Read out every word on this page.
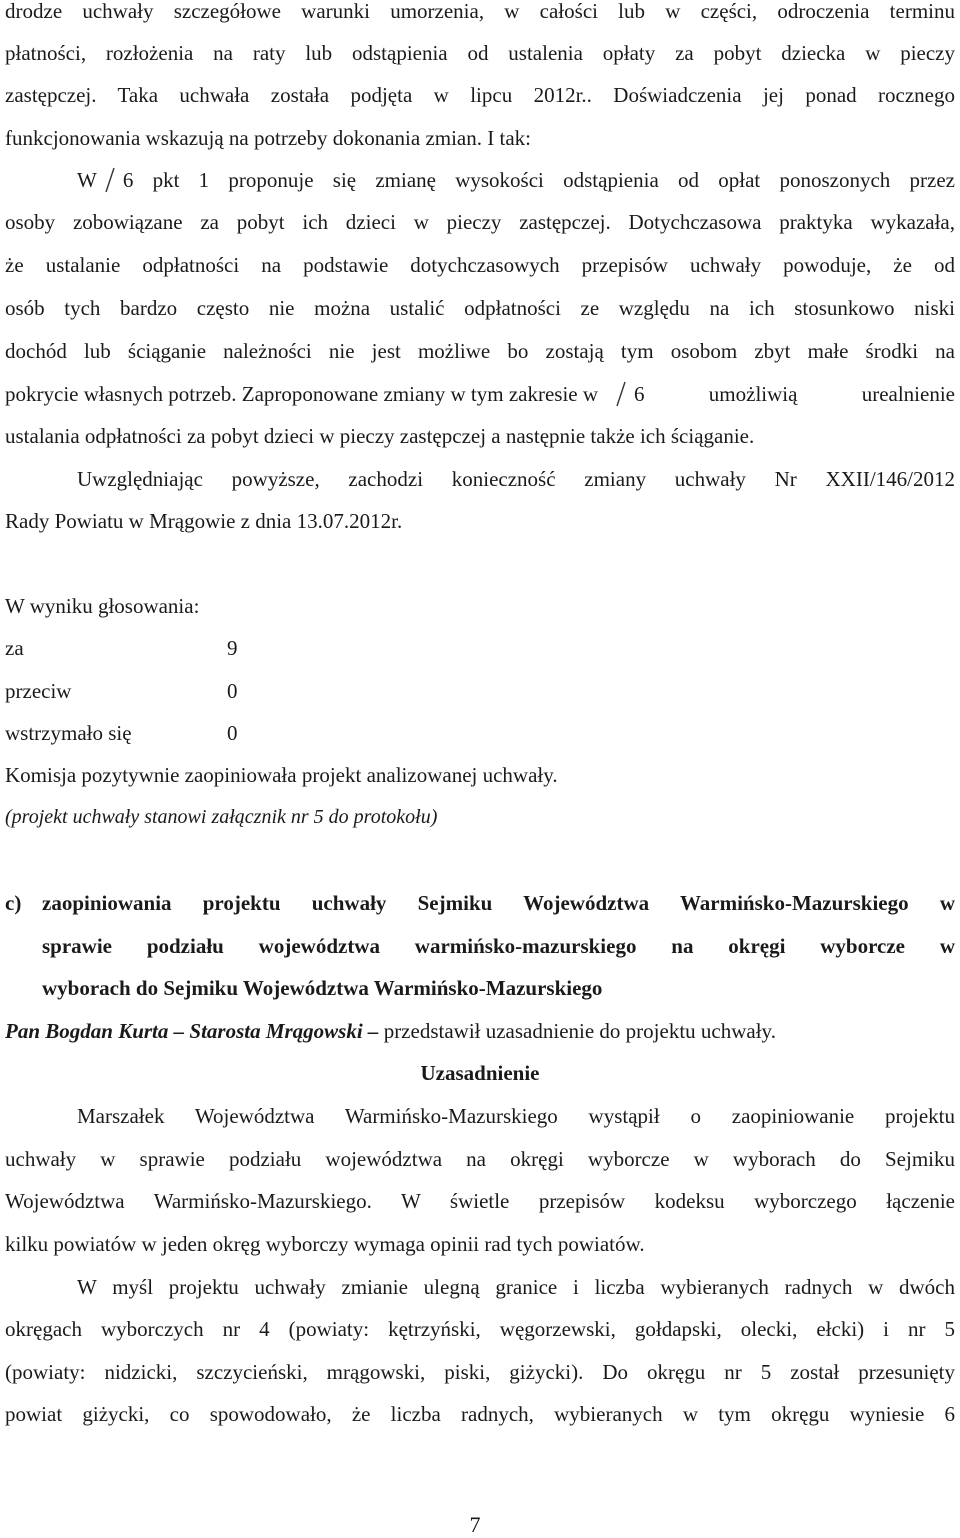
drodze uchwały szczegółowe warunki umorzenia, w całości lub w części, odroczenia terminu
płatności, rozłożenia na raty lub odstąpienia od ustalenia opłaty za pobyt dziecka w pieczy
zastępczej. Taka uchwała została podjęta w lipcu 2012r.. Doświadczenia jej ponad rocznego
funkcjonowania wskazują na potrzeby dokonania zmian. I tak:
W 6 pkt 1 proponuje się zmianę wysokości odstąpienia od opłat ponoszonych przez
osoby zobowiązane za pobyt ich dzieci w pieczy zastępczej. Dotychczasowa praktyka wykazała,
że ustalanie odpłatności na podstawie dotychczasowych przepisów uchwały powoduje, że od
osób tych bardzo często nie można ustalić odpłatności ze względu na ich stosunkowo niski
dochód lub ściąganie należności nie jest możliwe bo zostają tym osobom zbyt małe środki na
pokrycie własnych potrzeb. Zaproponowane zmiany w tym zakresie w 6 umożliwią urealnienie
ustalania odpłatności za pobyt dzieci w pieczy zastępczej a następnie także ich ściąganie.
Uwzględniając powyższe, zachodzi konieczność zmiany uchwały Nr XXII/146/2012
Rady Powiatu w Mrągowie z dnia 13.07.2012r.
W wyniku głosowania:
za	9
przeciw	0
wstrzymało się	0
Komisja pozytywnie zaopiniowała projekt analizowanej uchwały.
(projekt uchwały stanowi załącznik nr 5 do protokołu)
c) zaopiniowania projektu uchwały Sejmiku Województwa Warmińsko-Mazurskiego w
sprawie podziału województwa warmińsko-mazurskiego na okręgi wyborcze w
wyborach do Sejmiku Województwa Warmińsko-Mazurskiego
Pan Bogdan Kurta – Starosta Mrągowski – przedstawił uzasadnienie do projektu uchwały.
Uzasadnienie
Marszałek Województwa Warmińsko-Mazurskiego wystąpił o zaopiniowanie projektu
uchwały w sprawie podziału województwa na okręgi wyborcze w wyborach do Sejmiku
Województwa Warmińsko-Mazurskiego. W świetle przepisów kodeksu wyborczego łączenie
kilku powiatów w jeden okręg wyborczy wymaga opinii rad tych powiatów.
W myśl projektu uchwały zmianie ulegną granice i liczba wybieranych radnych w dwóch
okręgach wyborczych nr 4 (powiaty: kętrzyński, węgorzewski, gołdapski, olecki, ełcki) i nr 5
(powiaty: nidzicki, szczycieński, mrągowski, piski, giżycki). Do okręgu nr 5 został przesunięty
powiat giżycki, co spowodowało, że liczba radnych, wybieranych w tym okręgu wyniesie 6
7
